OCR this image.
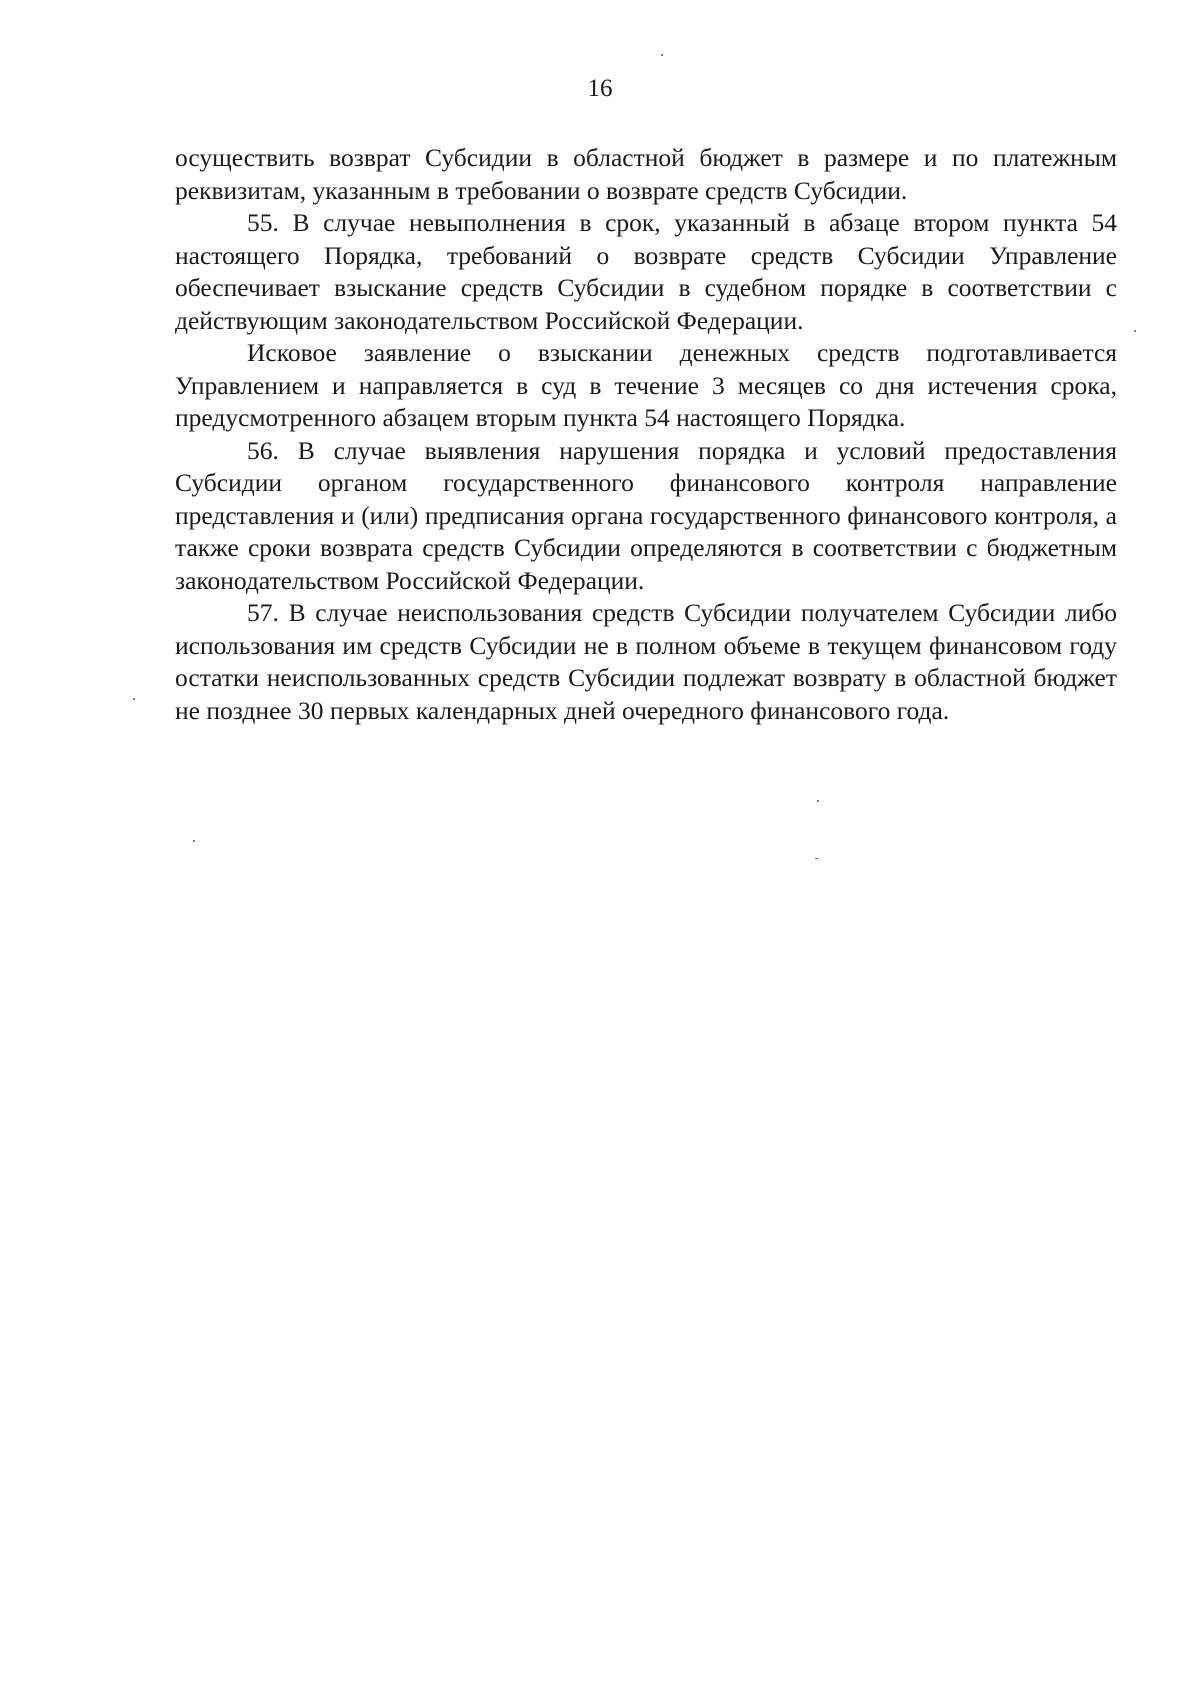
16

осуществить возврат Субсидии в областной бюджет в размере и по платежным реквизитам, указанным в требовании о возврате средств Субсидии.

55. В случае невыполнения в срок, указанный в абзаце втором пункта 54 настоящего Порядка, требований о возврате средств Субсидии Управление обеспечивает взыскание средств Субсидии в судебном порядке в соответствии с действующим законодательством Российской Федерации.

Исковое заявление о взыскании денежных средств подготавливается Управлением и направляется в суд в течение 3 месяцев со дня истечения срока, предусмотренного абзацем вторым пункта 54 настоящего Порядка.

56. В случае выявления нарушения порядка и условий предоставления Субсидии органом государственного финансового контроля направление представления и (или) предписания органа государственного финансового контроля, а также сроки возврата средств Субсидии определяются в соответствии с бюджетным законодательством Российской Федерации.

57. В случае неиспользования средств Субсидии получателем Субсидии либо использования им средств Субсидии не в полном объеме в текущем финансовом году остатки неиспользованных средств Субсидии подлежат возврату в областной бюджет не позднее 30 первых календарных дней очередного финансового года.
